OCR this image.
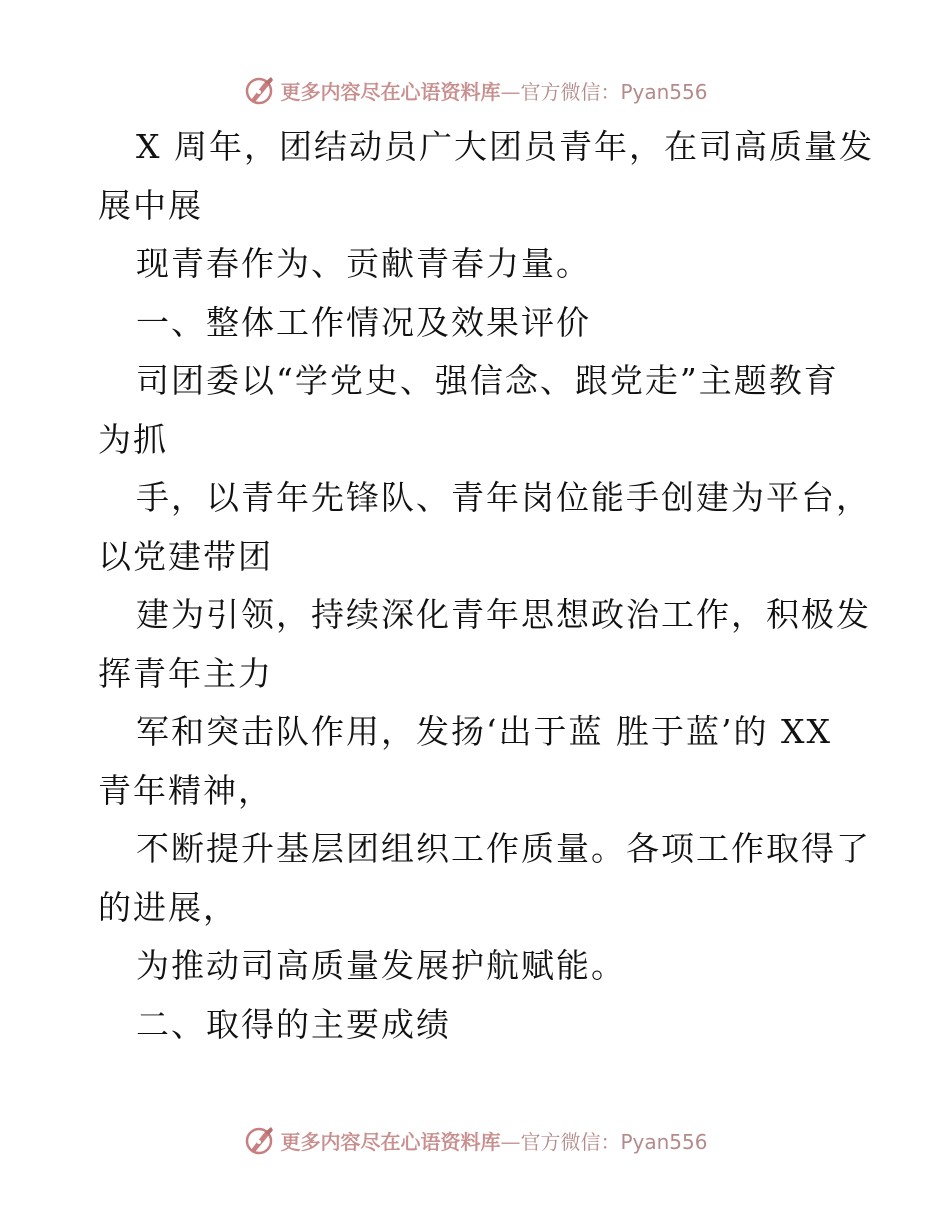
更多内容尽在心语资料库—官方微信：Pyan556

X 周年，团结动员广大团员青年，在司高质量发

展中展

现青春作为、贡献青春力量。

一、整体工作情况及效果评价

司团委以“学党史、强信念、跟党走”主题教育

为抓

手，以青年先锋队、青年岗位能手创建为平台，

以党建带团

建为引领，持续深化青年思想政治工作，积极发

挥青年主力

军和突击队作用，发扬‘出于蓝 胜于蓝’的 XX

青年精神，

不断提升基层团组织工作质量。各项工作取得了

的进展，

为推动司高质量发展护航赋能。

二、取得的主要成绩

更多内容尽在心语资料库—官方微信：Pyan556
